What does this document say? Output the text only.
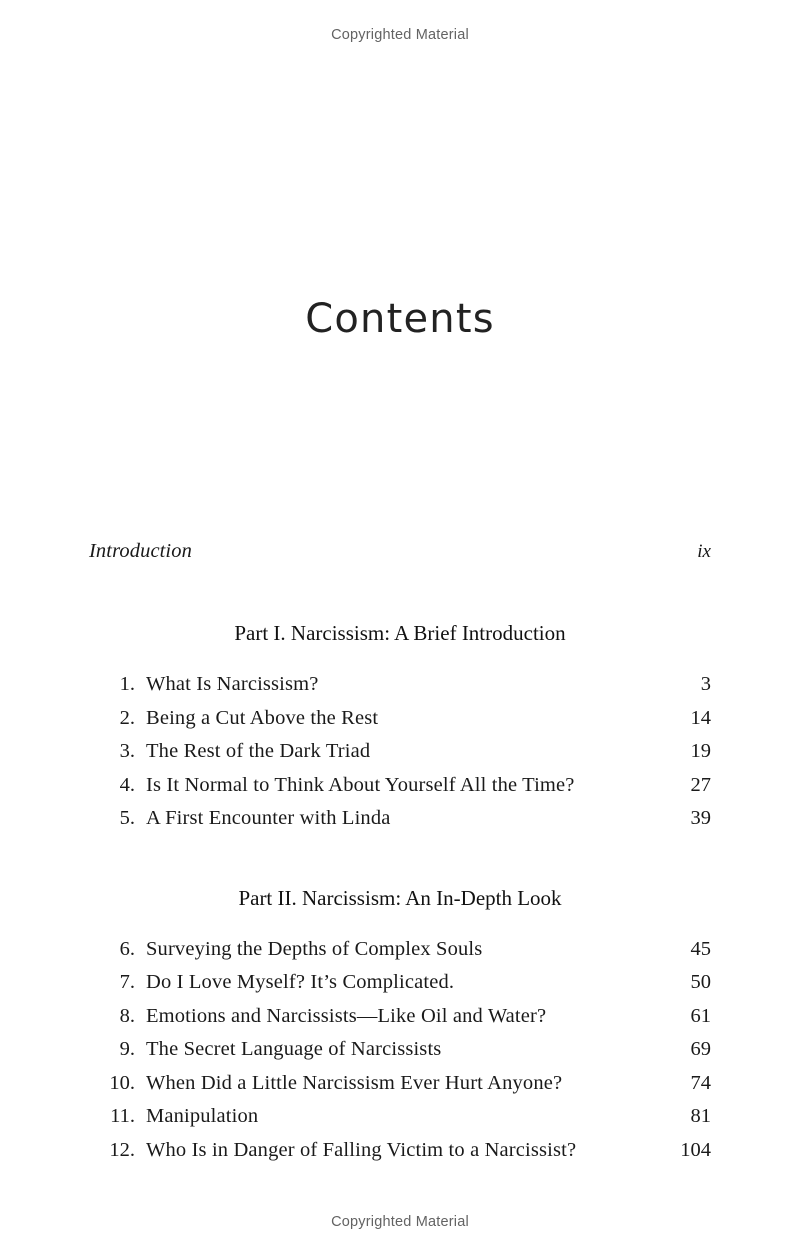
Copyrighted Material
Contents
Introduction	ix
Part I. Narcissism: A Brief Introduction
1. What Is Narcissism?	3
2. Being a Cut Above the Rest	14
3. The Rest of the Dark Triad	19
4. Is It Normal to Think About Yourself All the Time?	27
5. A First Encounter with Linda	39
Part II. Narcissism: An In-Depth Look
6. Surveying the Depths of Complex Souls	45
7. Do I Love Myself? It’s Complicated.	50
8. Emotions and Narcissists—Like Oil and Water?	61
9. The Secret Language of Narcissists	69
10. When Did a Little Narcissism Ever Hurt Anyone?	74
11. Manipulation	81
12. Who Is in Danger of Falling Victim to a Narcissist?	104
Copyrighted Material
